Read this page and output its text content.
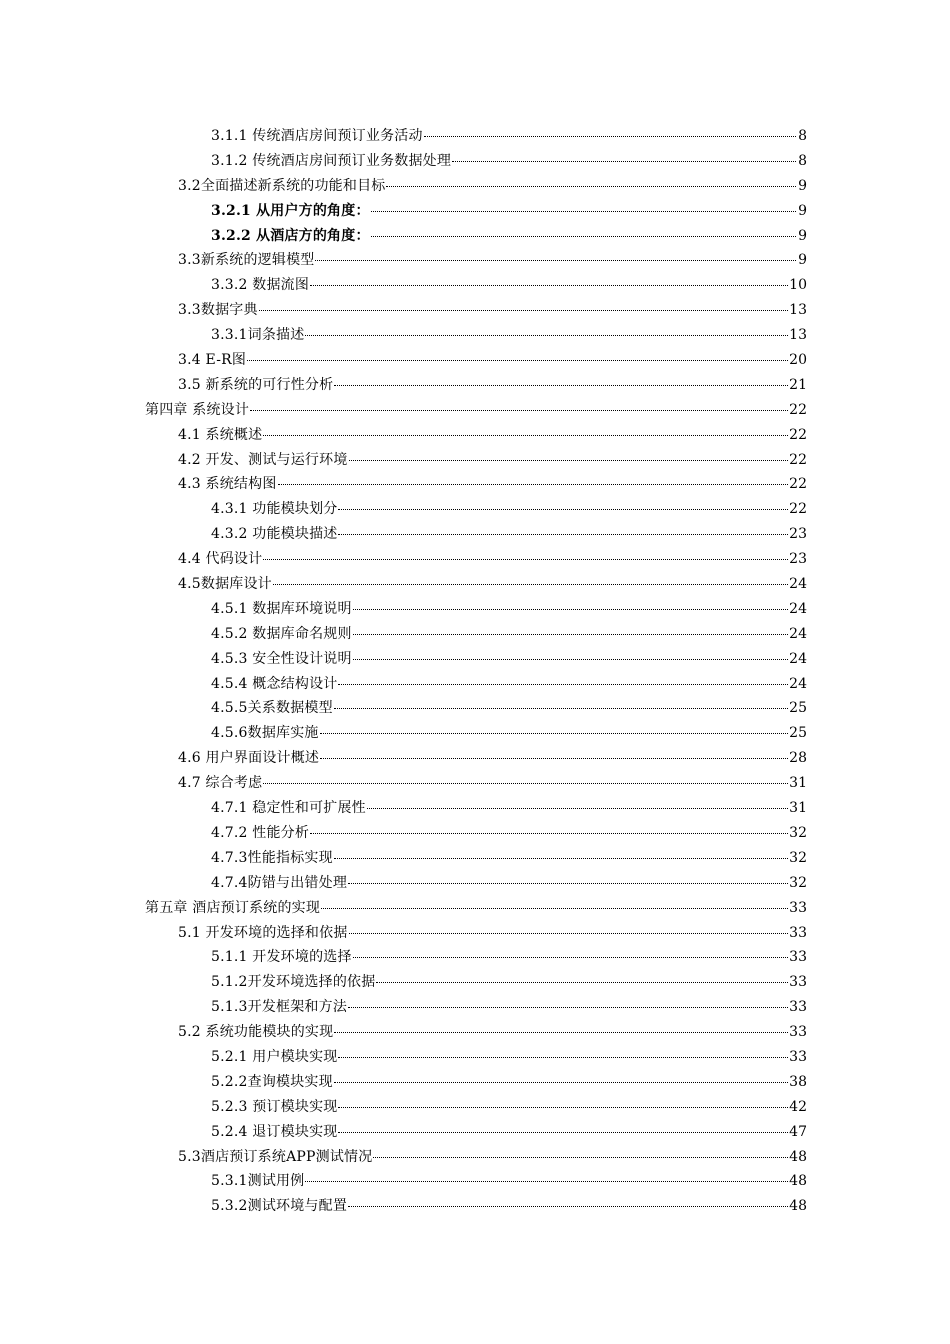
3.1.1 传统酒店房间预订业务活动	8
3.1.2 传统酒店房间预订业务数据处理	8
3.2全面描述新系统的功能和目标	9
3.2.1 从用户方的角度：	9
3.2.2 从酒店方的角度：	9
3.3新系统的逻辑模型	9
3.3.2 数据流图	10
3.3数据字典	13
3.3.1词条描述	13
3.4 E-R图	20
3.5 新系统的可行性分析	21
第四章 系统设计	22
4.1 系统概述	22
4.2 开发、测试与运行环境	22
4.3 系统结构图	22
4.3.1 功能模块划分	22
4.3.2 功能模块描述	23
4.4 代码设计	23
4.5数据库设计	24
4.5.1 数据库环境说明	24
4.5.2 数据库命名规则	24
4.5.3 安全性设计说明	24
4.5.4 概念结构设计	24
4.5.5关系数据模型	25
4.5.6数据库实施	25
4.6 用户界面设计概述	28
4.7 综合考虑	31
4.7.1 稳定性和可扩展性	31
4.7.2 性能分析	32
4.7.3性能指标实现	32
4.7.4防错与出错处理	32
第五章 酒店预订系统的实现	33
5.1 开发环境的选择和依据	33
5.1.1 开发环境的选择	33
5.1.2开发环境选择的依据	33
5.1.3开发框架和方法	33
5.2 系统功能模块的实现	33
5.2.1 用户模块实现	33
5.2.2查询模块实现	38
5.2.3 预订模块实现	42
5.2.4 退订模块实现	47
5.3酒店预订系统APP测试情况	48
5.3.1测试用例	48
5.3.2测试环境与配置	48
